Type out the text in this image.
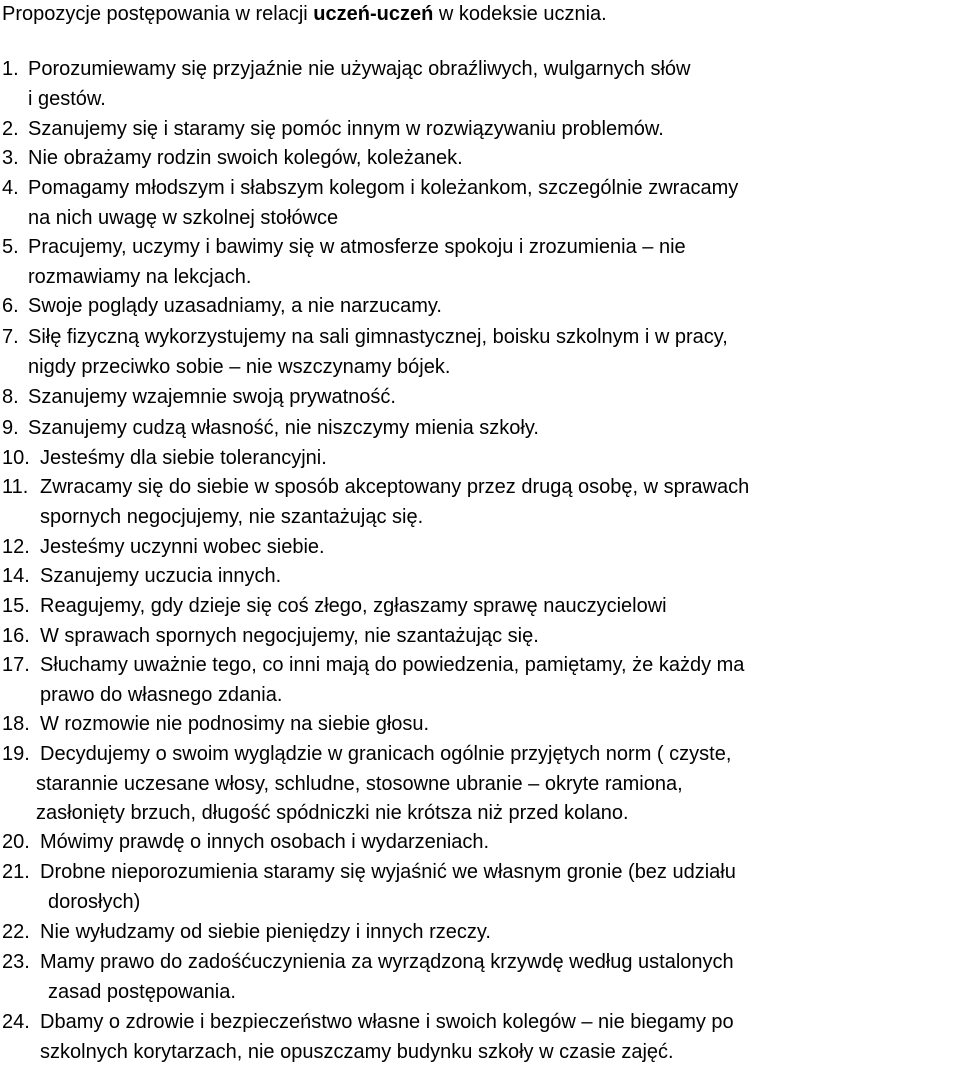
Propozycje postępowania w relacji uczeń-uczeń w kodeksie ucznia.
1. Porozumiewamy się przyjaźnie nie używając obraźliwych, wulgarnych słów
i gestów.
2. Szanujemy się i staramy się pomóc innym w rozwiązywaniu problemów.
3. Nie obrażamy rodzin swoich kolegów, koleżanek.
4. Pomagamy młodszym i słabszym kolegom i koleżankom, szczególnie zwracamy
na nich uwagę w szkolnej stołówce
5. Pracujemy, uczymy i bawimy się w atmosferze spokoju i zrozumienia – nie
rozmawiamy na lekcjach.
6. Swoje poglądy uzasadniamy, a nie narzucamy.
7. Siłę fizyczną wykorzystujemy na sali gimnastycznej, boisku szkolnym i w pracy,
nigdy przeciwko sobie – nie wszczynamy bójek.
8. Szanujemy wzajemnie swoją prywatność.
9. Szanujemy cudzą własność, nie niszczymy mienia szkoły.
10. Jesteśmy dla siebie tolerancyjni.
11. Zwracamy się do siebie w sposób akceptowany przez drugą osobę, w sprawach
spornych negocjujemy, nie szantażując się.
12. Jesteśmy uczynni wobec siebie.
14. Szanujemy uczucia innych.
15. Reagujemy, gdy dzieje się coś złego, zgłaszamy sprawę nauczycielowi
16. W sprawach spornych negocjujemy, nie szantażując się.
17. Słuchamy uważnie tego, co inni mają do powiedzenia, pamiętamy, że każdy ma
prawo do własnego zdania.
18. W rozmowie nie podnosimy na siebie głosu.
19. Decydujemy o swoim wyglądzie w granicach ogólnie przyjętych norm ( czyste,
starannie uczesane włosy, schludne, stosowne ubranie – okryte ramiona,
zasłonięty brzuch, długość spódniczki nie krótsza niż przed kolano.
20. Mówimy prawdę o innych osobach i wydarzeniach.
21. Drobne nieporozumienia staramy się wyjaśnić we własnym gronie (bez udziału
dorosłych)
22. Nie wyłudzamy od siebie pieniędzy i innych rzeczy.
23. Mamy prawo do zadośćuczynienia za wyrządzoną krzywdę według ustalonych
zasad postępowania.
24. Dbamy o zdrowie i bezpieczeństwo własne i swoich kolegów – nie biegamy po
szkolnych korytarzach, nie opuszczamy budynku szkoły w czasie zajęć.
